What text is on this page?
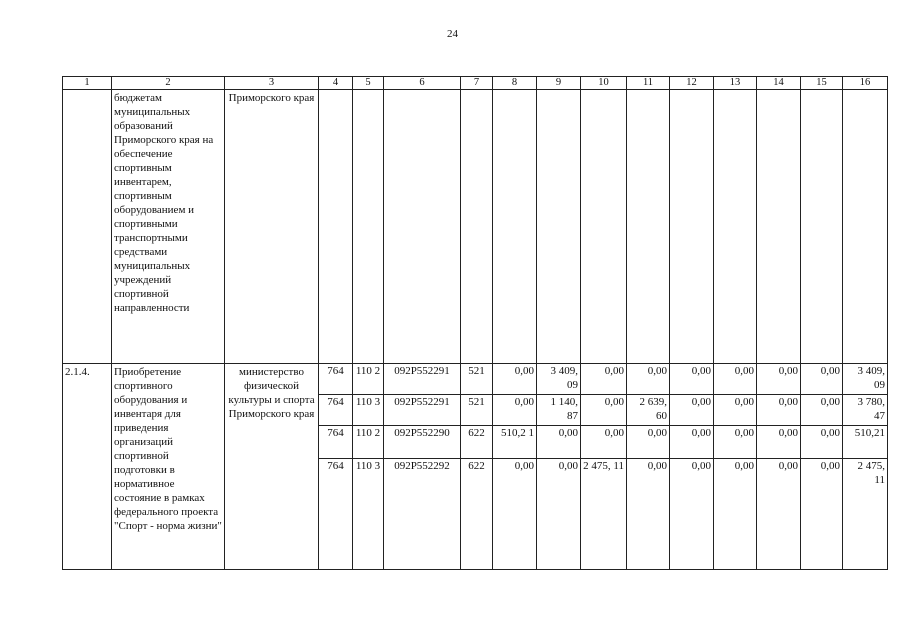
24
1	2	3	4	5	6	7	8	9	10	11	12	13	14	15	16
	бюджетам муниципальных образований Приморского края на обеспечение спортивным инвентарем, спортивным оборудованием и спортивными транспортными средствами муниципальных учреждений спортивной направленности	Приморского края													
2.1.4.	Приобретение спортивного оборудования и инвентаря для приведения организаций спортивной подготовки в нормативное состояние в рамках федерального проекта "Спорт - норма жизни"	министерство физической культуры и спорта Приморского края	764	110 2	092P552291	521	0,00	3 409, 09	0,00	0,00	0,00	0,00	0,00	0,00	3 409, 09
			764	110 3	092P552291	521	0,00	1 140, 87	0,00	2 639, 60	0,00	0,00	0,00	0,00	3 780, 47
			764	110 2	092P552290	622	510,2 1	0,00	0,00	0,00	0,00	0,00	0,00	0,00	510,21
			764	110 3	092P552292	622	0,00	0,00	2 475, 11	0,00	0,00	0,00	0,00	0,00	2 475, 11
